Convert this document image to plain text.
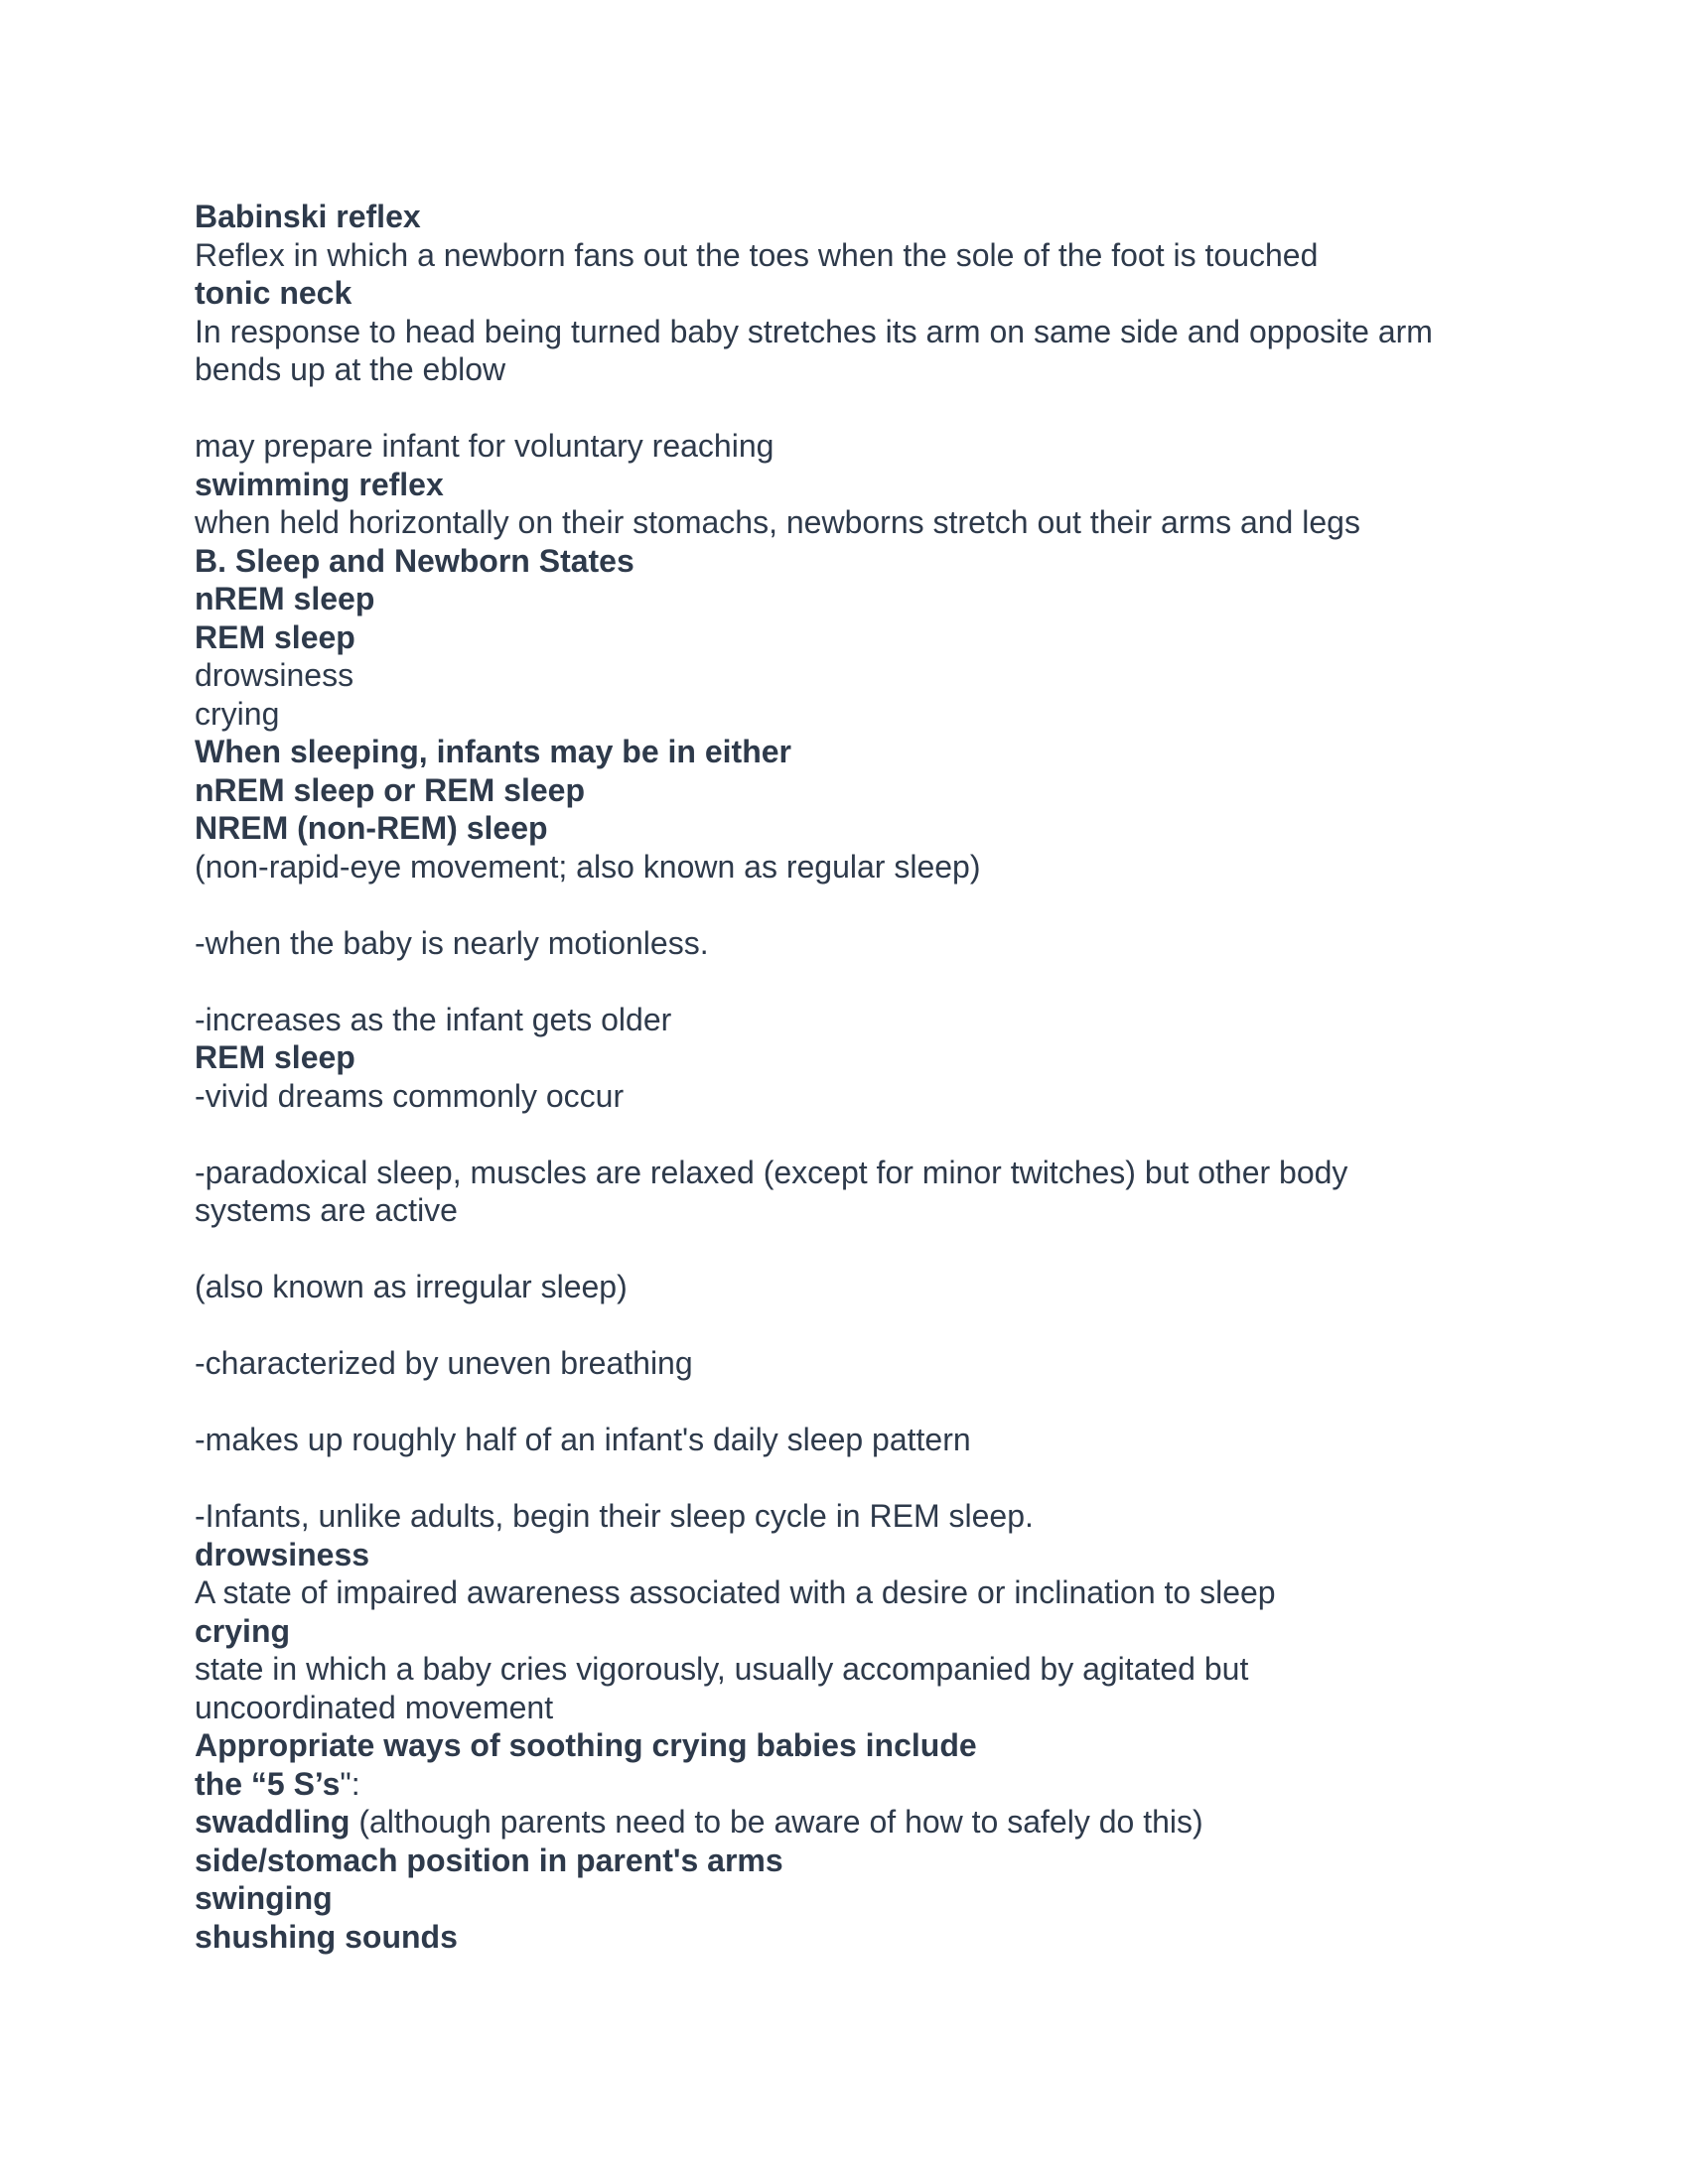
Babinski reflex
Reflex in which a newborn fans out the toes when the sole of the foot is touched
tonic neck
In response to head being turned baby stretches its arm on same side and opposite arm
bends up at the eblow

may prepare infant for voluntary reaching
swimming reflex
when held horizontally on their stomachs, newborns stretch out their arms and legs
B. Sleep and Newborn States
nREM sleep
REM sleep
drowsiness
crying
When sleeping, infants may be in either
nREM sleep or REM sleep
NREM (non-REM) sleep
(non-rapid-eye movement; also known as regular sleep)

-when the baby is nearly motionless.

-increases as the infant gets older
REM sleep
-vivid dreams commonly occur

-paradoxical sleep, muscles are relaxed (except for minor twitches) but other body
systems are active

(also known as irregular sleep)

-characterized by uneven breathing

-makes up roughly half of an infant's daily sleep pattern

-Infants, unlike adults, begin their sleep cycle in REM sleep.
drowsiness
A state of impaired awareness associated with a desire or inclination to sleep
crying
state in which a baby cries vigorously, usually accompanied by agitated but
uncoordinated movement
Appropriate ways of soothing crying babies include
the “5 S’s":
swaddling (although parents need to be aware of how to safely do this)
side/stomach position in parent's arms
swinging
shushing sounds
